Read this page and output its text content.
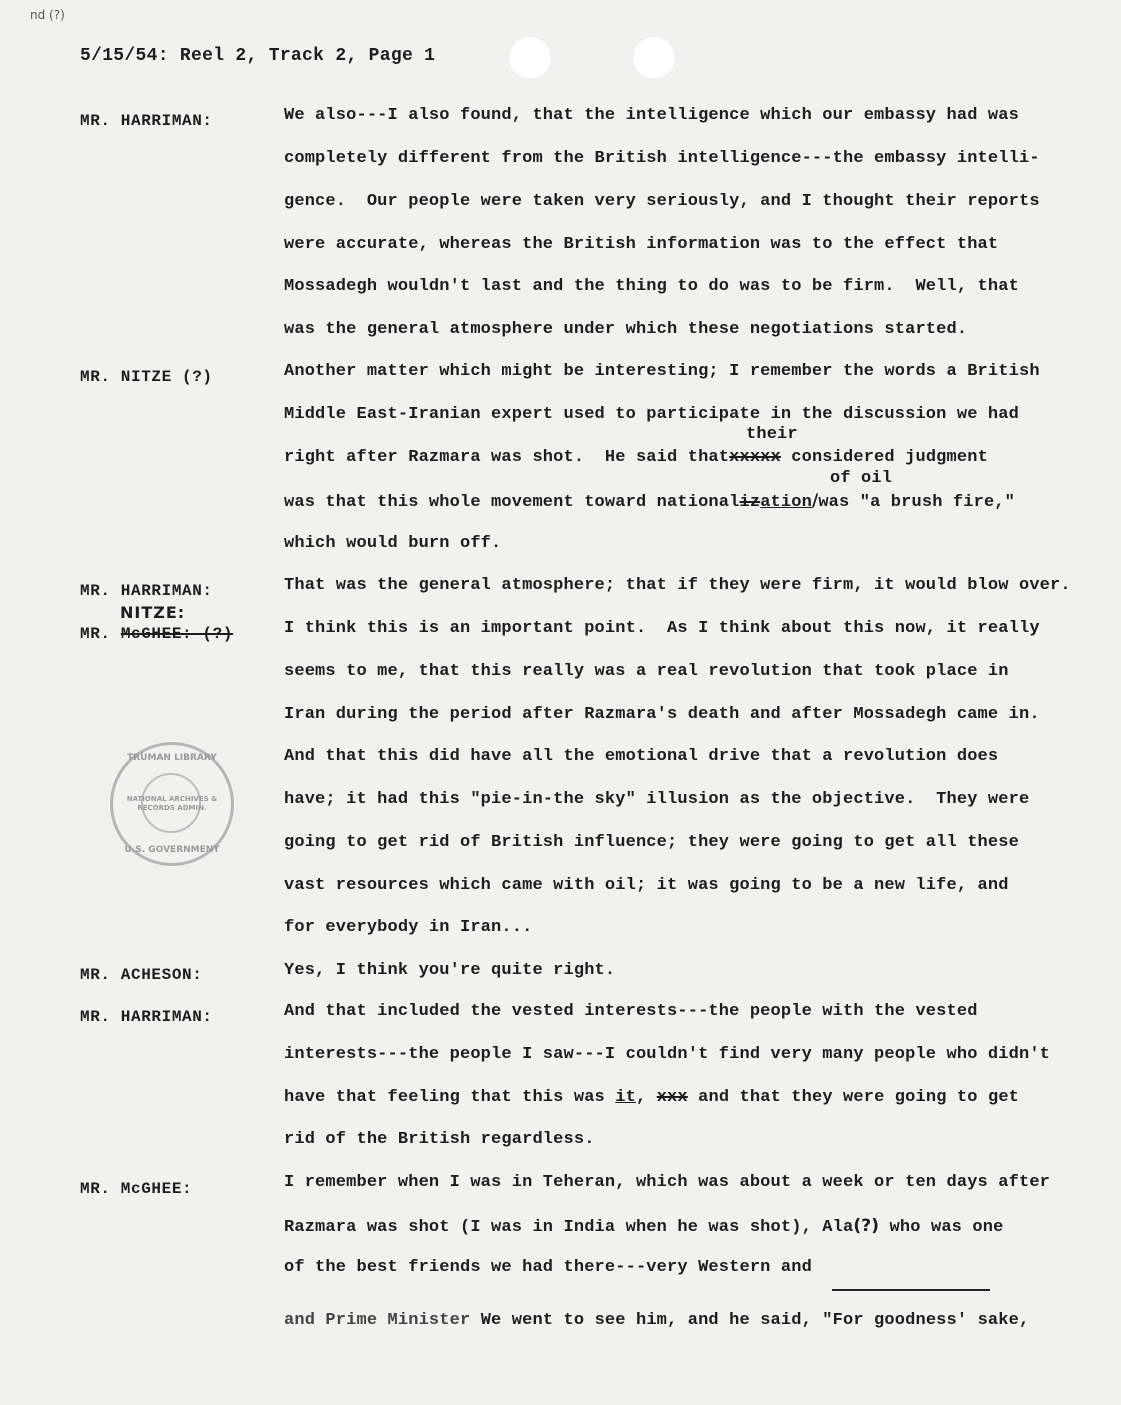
nd (?)
5/15/54: Reel 2, Track 2, Page 1
MR. HARRIMAN:
MR. NITZE (?)
MR. HARRIMAN:
NITZE:
MR. McGHEE: (?)
MR. ACHESON:
MR. HARRIMAN:
MR. McGHEE:
We also---I also found, that the intelligence which our embassy had was
completely different from the British intelligence---the embassy intelli-
gence.  Our people were taken very seriously, and I thought their reports
were accurate, whereas the British information was to the effect that
Mossadegh wouldn't last and the thing to do was to be firm.  Well, that
was the general atmosphere under which these negotiations started.
Another matter which might be interesting; I remember the words a British
Middle East-Iranian expert used to participate in the discussion we had
their
right after Razmara was shot.  He said thatxxxxx considered judgment
of oil
was that this whole movement toward nationalization/was "a brush fire,"
which would burn off.
That was the general atmosphere; that if they were firm, it would blow over.
I think this is an important point.  As I think about this now, it really
seems to me, that this really was a real revolution that took place in
Iran during the period after Razmara's death and after Mossadegh came in.
And that this did have all the emotional drive that a revolution does
have; it had this "pie-in-the sky" illusion as the objective.  They were
going to get rid of British influence; they were going to get all these
vast resources which came with oil; it was going to be a new life, and
for everybody in Iran...
Yes, I think you're quite right.
And that included the vested interests---the people with the vested
interests---the people I saw---I couldn't find very many people who didn't
have that feeling that this was it, xxx and that they were going to get
rid of the British regardless.
I remember when I was in Teheran, which was about a week or ten days after
Razmara was shot (I was in India when he was shot), Ala(?) who was one
of the best friends we had there---very Western and
and Prime Minister We went to see him, and he said, "For goodness' sake,
TRUMAN LIBRARY
NATIONAL ARCHIVES & RECORDS ADMIN.
U.S. GOVERNMENT
